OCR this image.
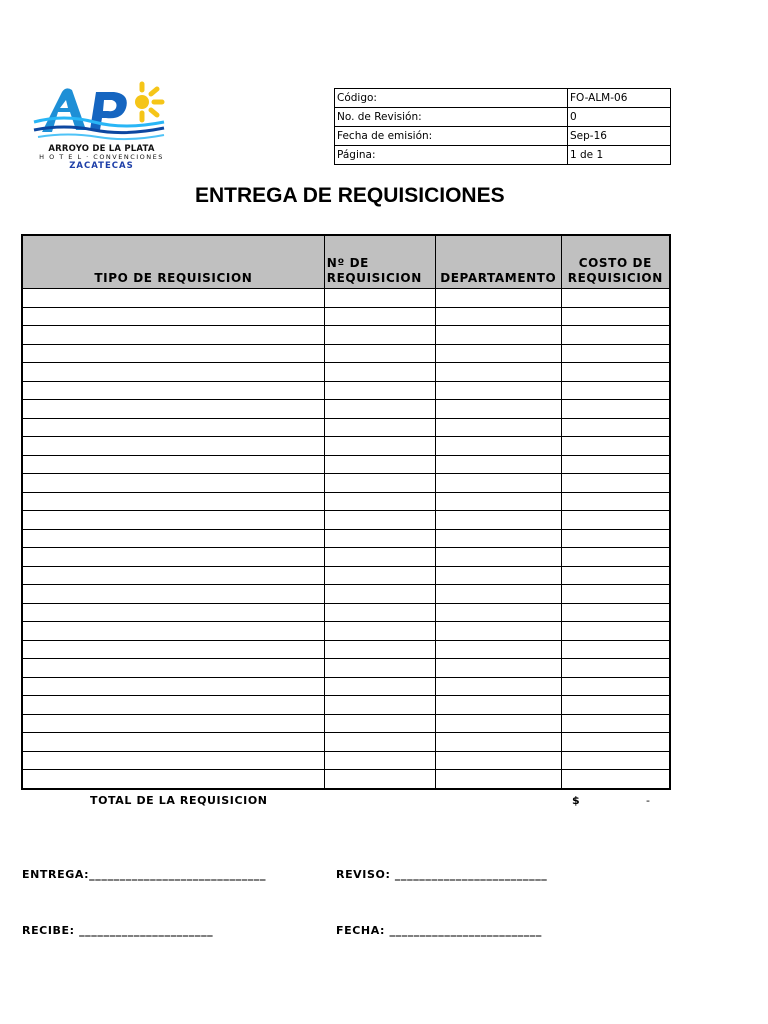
ARROYO DE LA PLATA
H O T E L · CONVENCIONES
ZACATECAS
Código:	FO-ALM-06
No. de Revisión:	0
Fecha de emisión:	Sep-16
Página:	1 de 1
ENTREGA DE REQUISICIONES
TIPO DE REQUISICION	Nº DE REQUISICION	DEPARTAMENTO	COSTO DE REQUISICION

TOTAL DE LA REQUISICION	$	-
ENTREGA:_____________________________	REVISO: _________________________
RECIBE: ______________________	FECHA: _________________________
